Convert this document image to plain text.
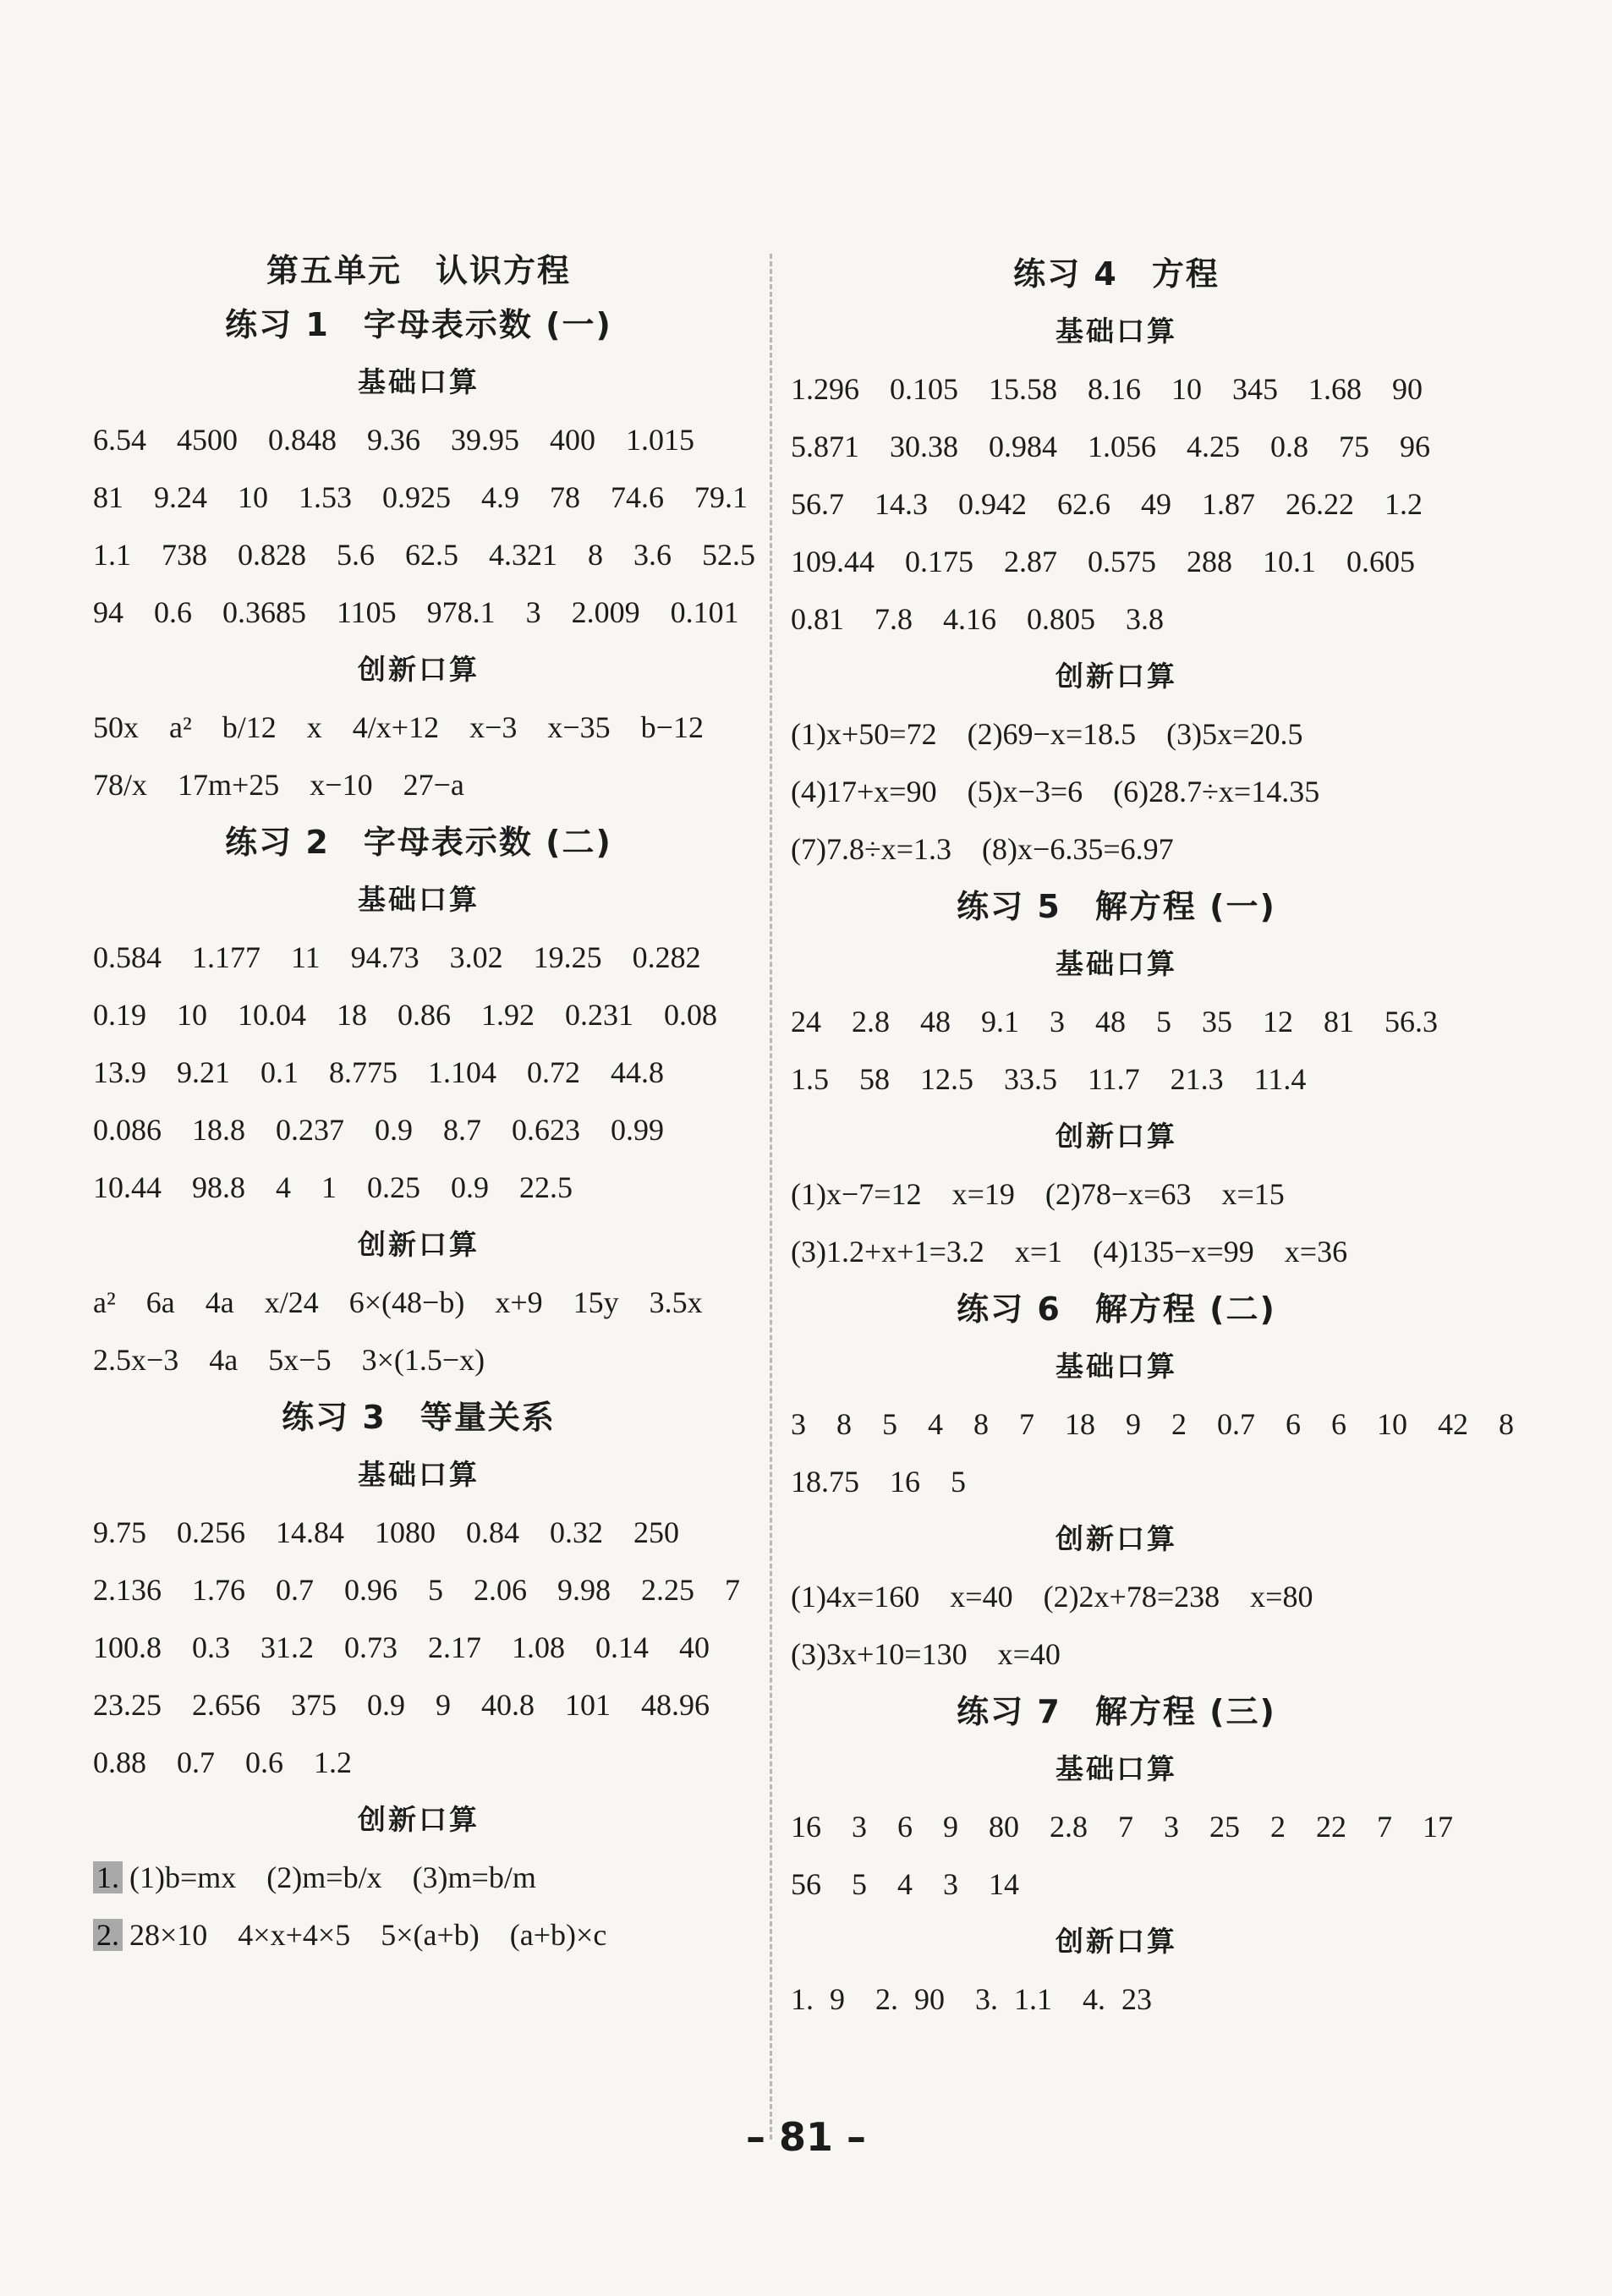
第五单元　认识方程
练习 1　字母表示数 (一)
基础口算
6.54　4500　0.848　9.36　39.95　400　1.015
81　9.24　10　1.53　0.925　4.9　78　74.6　79.1
1.1　738　0.828　5.6　62.5　4.321　8　3.6　52.5
94　0.6　0.3685　1105　978.1　3　2.009　0.101
创新口算
50x　a²　b/12　x　4/x+12　x−3　x−35　b−12
78/x　17m+25　x−10　27−a
练习 2　字母表示数 (二)
基础口算
0.584　1.177　11　94.73　3.02　19.25　0.282
0.19　10　10.04　18　0.86　1.92　0.231　0.08
13.9　9.21　0.1　8.775　1.104　0.72　44.8
0.086　18.8　0.237　0.9　8.7　0.623　0.99
10.44　98.8　4　1　0.25　0.9　22.5
创新口算
a²　6a　4a　x/24　6×(48−b)　x+9　15y　3.5x
2.5x−3　4a　5x−5　3×(1.5−x)
练习 3　等量关系
基础口算
9.75　0.256　14.84　1080　0.84　0.32　250
2.136　1.76　0.7　0.96　5　2.06　9.98　2.25　7
100.8　0.3　31.2　0.73　2.17　1.08　0.14　40
23.25　2.656　375　0.9　9　40.8　101　48.96
0.88　0.7　0.6　1.2
创新口算
1. (1)b=mx　(2)m=b/x　(3)m=b/m
2. 28×10　4×x+4×5　5×(a+b)　(a+b)×c
练习 4　方程
基础口算
1.296　0.105　15.58　8.16　10　345　1.68　90
5.871　30.38　0.984　1.056　4.25　0.8　75　96
56.7　14.3　0.942　62.6　49　1.87　26.22　1.2
109.44　0.175　2.87　0.575　288　10.1　0.605
0.81　7.8　4.16　0.805　3.8
创新口算
(1)x+50=72　(2)69−x=18.5　(3)5x=20.5
(4)17+x=90　(5)x−3=6　(6)28.7÷x=14.35
(7)7.8÷x=1.3　(8)x−6.35=6.97
练习 5　解方程 (一)
基础口算
24　2.8　48　9.1　3　48　5　35　12　81　56.3
1.5　58　12.5　33.5　11.7　21.3　11.4
创新口算
(1)x−7=12　x=19　(2)78−x=63　x=15
(3)1.2+x+1=3.2　x=1　(4)135−x=99　x=36
练习 6　解方程 (二)
基础口算
3　8　5　4　8　7　18　9　2　0.7　6　6　10　42　8
18.75　16　5
创新口算
(1)4x=160　x=40　(2)2x+78=238　x=80
(3)3x+10=130　x=40
练习 7　解方程 (三)
基础口算
16　3　6　9　80　2.8　7　3　25　2　22　7　17
56　5　4　3　14
创新口算
1. 9　2. 90　3. 1.1　4. 23
– 81 –
